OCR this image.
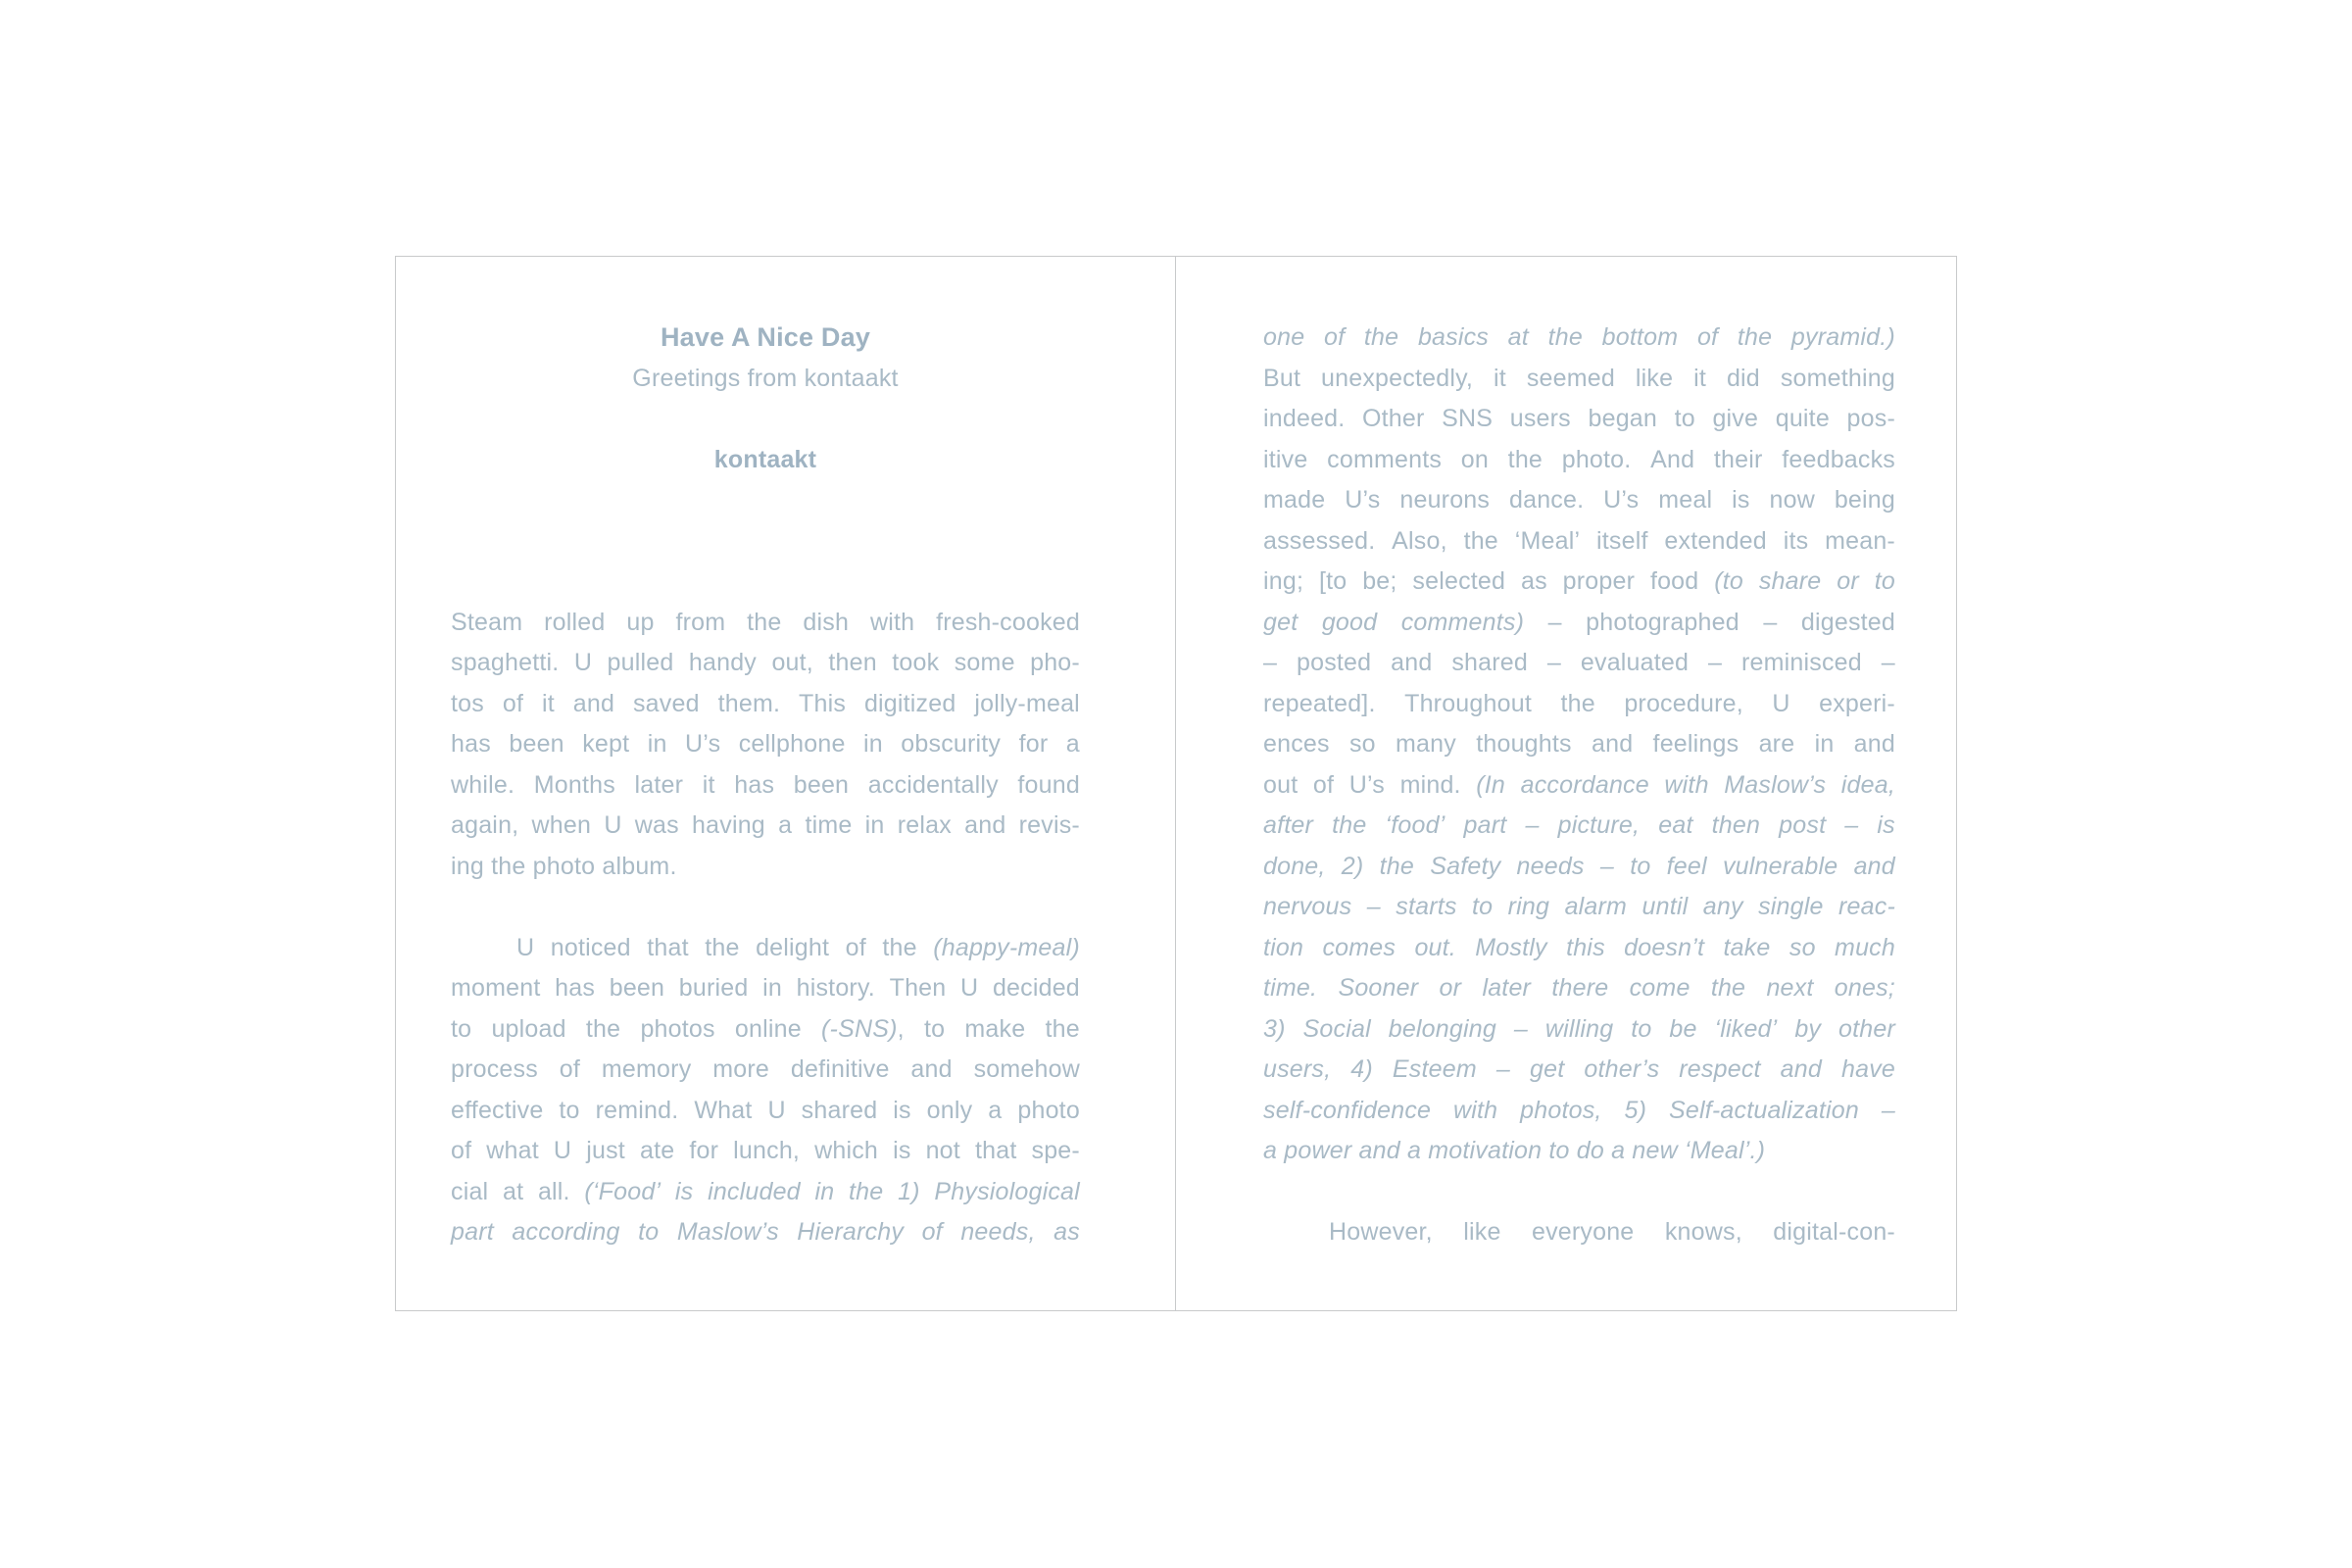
Have A Nice Day
Greetings from kontaakt
kontaakt
Steam rolled up from the dish with fresh-cooked
spaghetti. U pulled handy out, then took some pho-
tos of it and saved them. This digitized jolly-meal
has been kept in U’s cellphone in obscurity for a
while. Months later it has been accidentally found
again, when U was having a time in relax and revis-
ing the photo album.
U noticed that the delight of the (happy-meal)
moment has been buried in history. Then U decided
to upload the photos online (-SNS), to make the
process of memory more definitive and somehow
effective to remind. What U shared is only a photo
of what U just ate for lunch, which is not that spe-
cial at all. (‘Food’ is included in the 1) Physiological
part according to Maslow’s Hierarchy of needs, as
one of the basics at the bottom of the pyramid.)
But unexpectedly, it seemed like it did something
indeed. Other SNS users began to give quite pos-
itive comments on the photo. And their feedbacks
made U’s neurons dance. U’s meal is now being
assessed. Also, the ‘Meal’ itself extended its mean-
ing; [to be; selected as proper food (to share or to
get good comments) – photographed – digested
– posted and shared – evaluated – reminisced –
repeated]. Throughout the procedure, U experi-
ences so many thoughts and feelings are in and
out of U’s mind. (In accordance with Maslow’s idea,
after the ‘food’ part – picture, eat then post – is
done, 2) the Safety needs – to feel vulnerable and
nervous – starts to ring alarm until any single reac-
tion comes out. Mostly this doesn’t take so much
time. Sooner or later there come the next ones;
3) Social belonging – willing to be ‘liked’ by other
users, 4) Esteem – get other’s respect and have
self-confidence with photos, 5) Self-actualization –
a power and a motivation to do a new ‘Meal’.)
However, like everyone knows, digital-con-
